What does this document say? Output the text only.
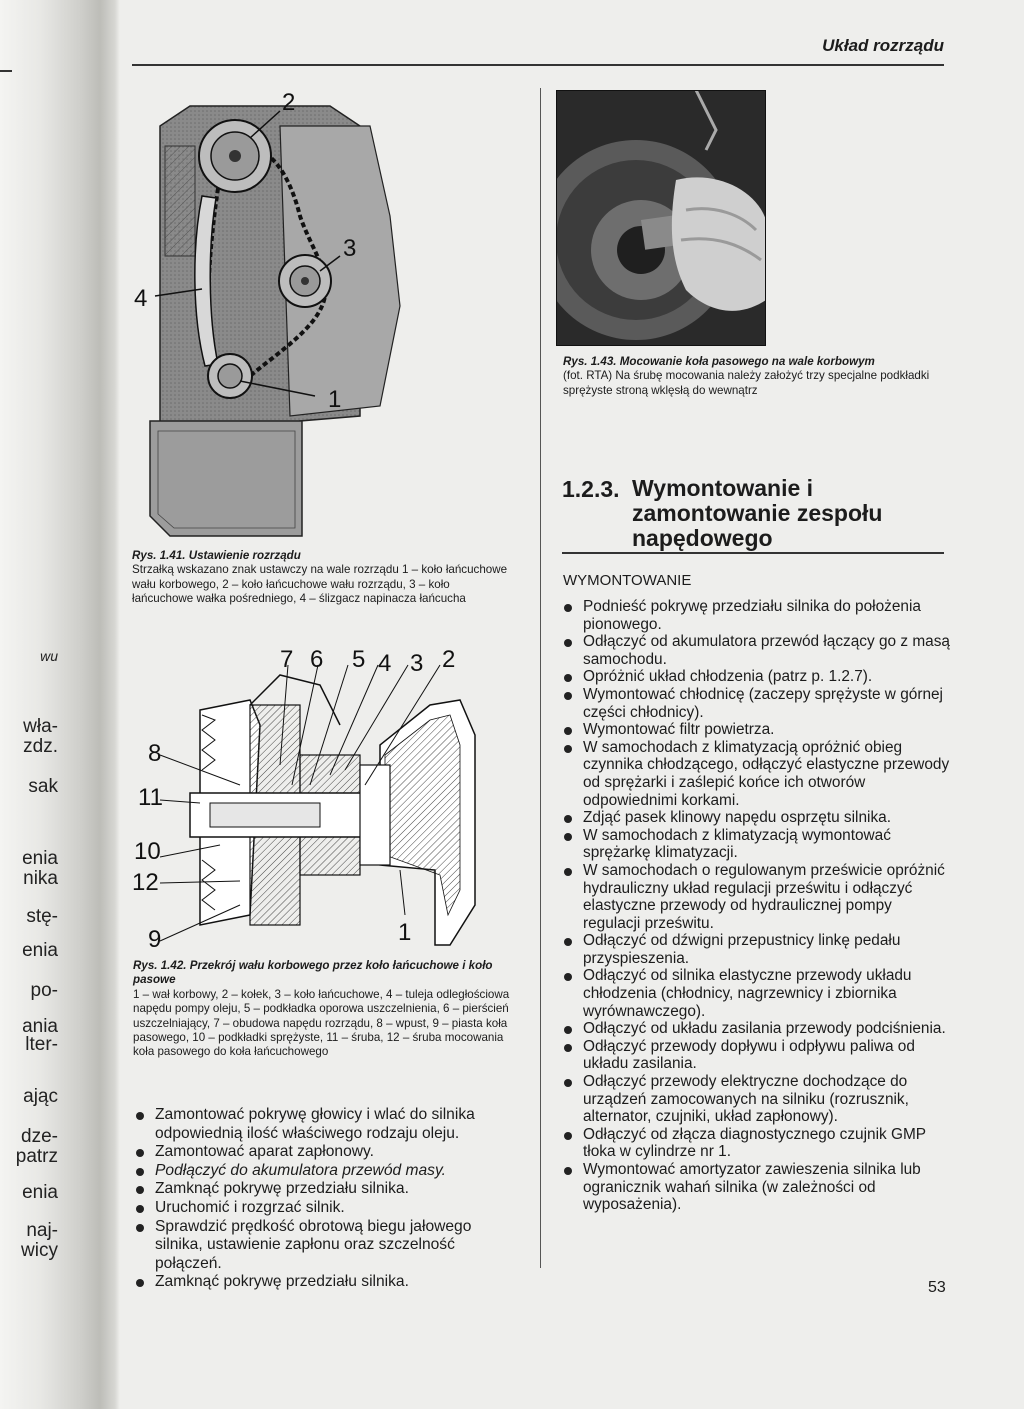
wu
wła-
zdz.
sak
enia
nika
stę-
enia
po-
ania
lter-
ając
dze-
patrz
enia
naj-
wicy
Układ rozrządu
2
3
4
1
Rys. 1.41. Ustawienie rozrządu
Strzałką wskazano znak ustawczy na wale rozrządu 1 – koło łańcuchowe wału korbowego, 2 – koło łańcuchowe wału rozrządu, 3 – koło łańcuchowe wałka pośredniego, 4 – ślizgacz napinacza łańcucha
7 6 5 4 3 2
8
11
10
12
9	1
Rys. 1.42. Przekrój wału korbowego przez koło łańcuchowe i koło pasowe
1 – wał korbowy, 2 – kołek, 3 – koło łańcuchowe, 4 – tuleja odległościowa napędu pompy oleju, 5 – podkładka oporowa uszczelnienia, 6 – pierścień uszczelniający, 7 – obudowa napędu rozrządu, 8 – wpust, 9 – piasta koła pasowego, 10 – podkładki sprężyste, 11 – śruba, 12 – śruba mocowania koła pasowego do koła łańcuchowego
Zamontować pokrywę głowicy i wlać do silnika odpowiednią ilość właściwego rodzaju oleju.
Zamontować aparat zapłonowy.
Podłączyć do akumulatora przewód masy.
Zamknąć pokrywę przedziału silnika.
Uruchomić i rozgrzać silnik.
Sprawdzić prędkość obrotową biegu jałowego silnika, ustawienie zapłonu oraz szczelność połączeń.
Zamknąć pokrywę przedziału silnika.
Rys. 1.43. Mocowanie koła pasowego na wale korbowym
(fot. RTA) Na śrubę mocowania należy założyć trzy specjalne podkładki sprężyste stroną wklęsłą do wewnątrz
1.2.3. Wymontowanie i zamontowanie zespołu napędowego
WYMONTOWANIE
Podnieść pokrywę przedziału silnika do położenia pionowego.
Odłączyć od akumulatora przewód łączący go z masą samochodu.
Opróżnić układ chłodzenia (patrz p. 1.2.7).
Wymontować chłodnicę (zaczepy sprężyste w górnej części chłodnicy).
Wymontować filtr powietrza.
W samochodach z klimatyzacją opróżnić obieg czynnika chłodzącego, odłączyć elastyczne przewody od sprężarki i zaślepić końce ich otworów odpowiednimi korkami.
Zdjąć pasek klinowy napędu osprzętu silnika.
W samochodach z klimatyzacją wymontować sprężarkę klimatyzacji.
W samochodach o regulowanym prześwicie opróżnić hydrauliczny układ regulacji prześwitu i odłączyć elastyczne przewody od hydraulicznej pompy regulacji prześwitu.
Odłączyć od dźwigni przepustnicy linkę pedału przyspieszenia.
Odłączyć od silnika elastyczne przewody układu chłodzenia (chłodnicy, nagrzewnicy i zbiornika wyrównawczego).
Odłączyć od układu zasilania przewody podciśnienia.
Odłączyć przewody dopływu i odpływu paliwa od układu zasilania.
Odłączyć przewody elektryczne dochodzące do urządzeń zamocowanych na silniku (rozrusznik, alternator, czujniki, układ zapłonowy).
Odłączyć od złącza diagnostycznego czujnik GMP tłoka w cylindrze nr 1.
Wymontować amortyzator zawieszenia silnika lub ogranicznik wahań silnika (w zależności od wyposażenia).
53
